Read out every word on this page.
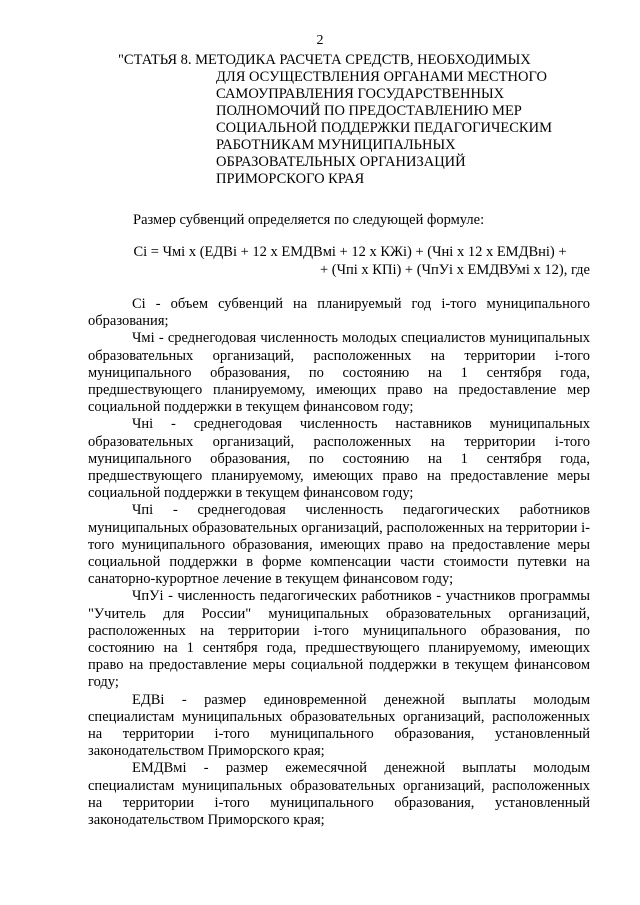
2
"СТАТЬЯ 8. МЕТОДИКА РАСЧЕТА СРЕДСТВ, НЕОБХОДИМЫХ
ДЛЯ ОСУЩЕСТВЛЕНИЯ ОРГАНАМИ МЕСТНОГО
САМОУПРАВЛЕНИЯ ГОСУДАРСТВЕННЫХ
ПОЛНОМОЧИЙ ПО ПРЕДОСТАВЛЕНИЮ МЕР
СОЦИАЛЬНОЙ ПОДДЕРЖКИ ПЕДАГОГИЧЕСКИМ
РАБОТНИКАМ МУНИЦИПАЛЬНЫХ
ОБРАЗОВАТЕЛЬНЫХ ОРГАНИЗАЦИЙ
ПРИМОРСКОГО КРАЯ
Размер субвенций определяется по следующей формуле:
Сi = Чмi х (ЕДВi + 12 х ЕМДВмi + 12 х КЖi) + (Чнi х 12 х ЕМДВнi) +
+ (Чпi х КПi) + (ЧпУi х ЕМДВУмi х 12), где

Сi - объем субвенций на планируемый год i-того муниципального образования;

Чмi - среднегодовая численность молодых специалистов муниципальных образовательных организаций, расположенных на территории i-того муниципального образования, по состоянию на 1 сентября года, предшествующего планируемому, имеющих право на предоставление мер социальной поддержки в текущем финансовом году;

Чнi - среднегодовая численность наставников муниципальных образовательных организаций, расположенных на территории i-того муниципального образования, по состоянию на 1 сентября года, предшествующего планируемому, имеющих право на предоставление меры социальной поддержки в текущем финансовом году;

Чпi - среднегодовая численность педагогических работников муниципальных образовательных организаций, расположенных на территории i-того муниципального образования, имеющих право на предоставление меры социальной поддержки в форме компенсации части стоимости путевки на санаторно-курортное лечение в текущем финансовом году;

ЧпУi - численность педагогических работников - участников программы "Учитель для России" муниципальных образовательных организаций, расположенных на территории i-того муниципального образования, по состоянию на 1 сентября года, предшествующего планируемому, имеющих право на предоставление меры социальной поддержки в текущем финансовом году;

ЕДВi - размер единовременной денежной выплаты молодым специалистам муниципальных образовательных организаций, расположенных на территории i-того муниципального образования, установленный законодательством Приморского края;

ЕМДВмi - размер ежемесячной денежной выплаты молодым специалистам муниципальных образовательных организаций, расположенных на территории i-того муниципального образования, установленный законодательством Приморского края;
